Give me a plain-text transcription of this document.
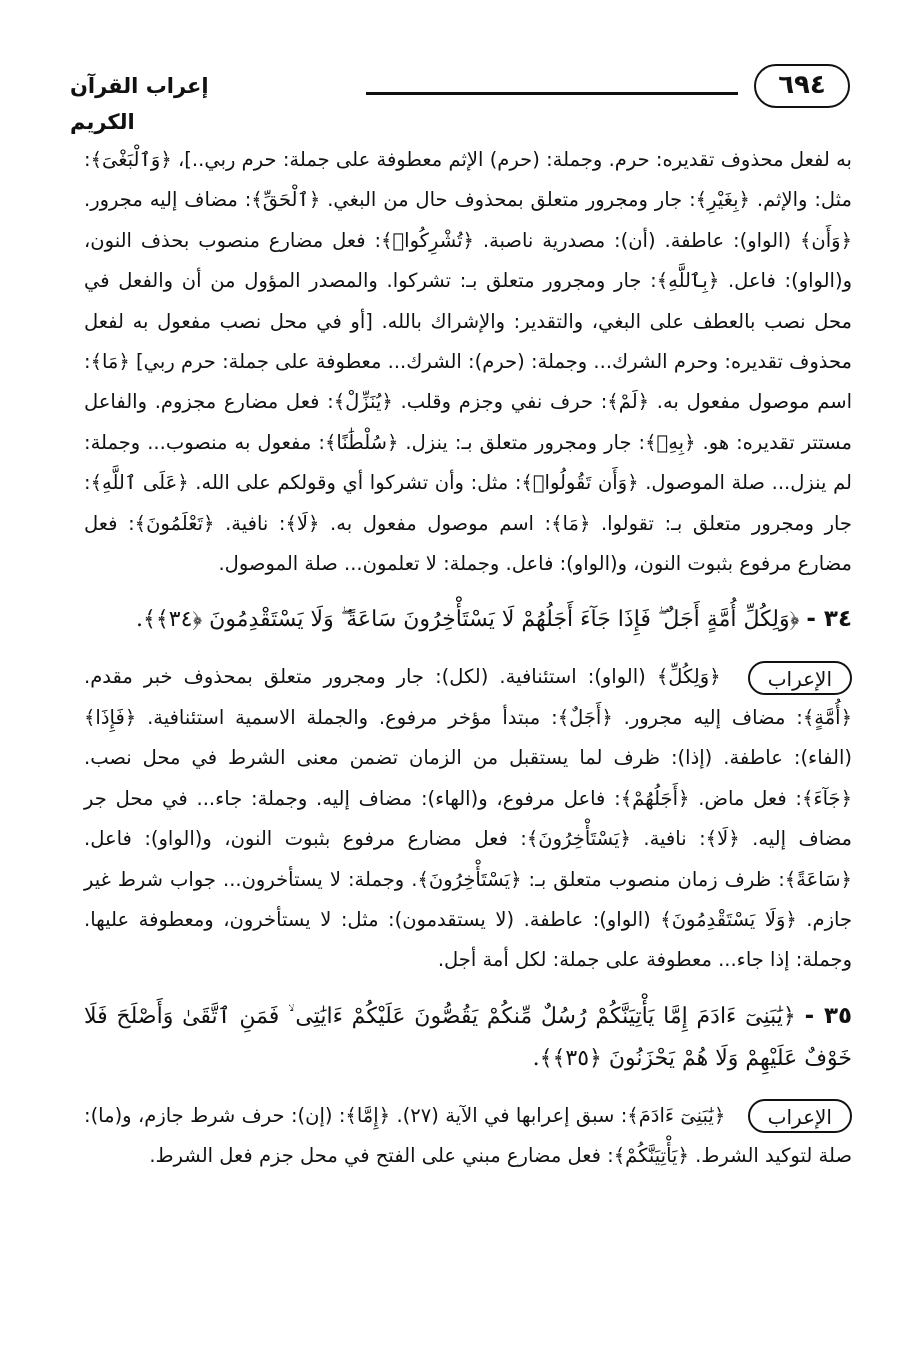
٦٩٤
إعراب القرآن الكريم

به لفعل محذوف تقديره: حرم. وجملة: (حرم) الإثم معطوفة على جملة: حرم ربي..]، ﴿وَٱلْبَغْىَ﴾: مثل: والإثم. ﴿بِغَيْرِ﴾: جار ومجرور متعلق بمحذوف حال من البغي. ﴿ٱلْحَقِّ﴾: مضاف إليه مجرور. ﴿وَأَن﴾ (الواو): عاطفة. (أن): مصدرية ناصبة. ﴿تُشْرِكُوا۟﴾: فعل مضارع منصوب بحذف النون، و(الواو): فاعل. ﴿بِٱللَّهِ﴾: جار ومجرور متعلق بـ: تشركوا. والمصدر المؤول من أن والفعل في محل نصب بالعطف على البغي، والتقدير: والإشراك بالله. [أو في محل نصب مفعول به لفعل محذوف تقديره: وحرم الشرك... وجملة: (حرم): الشرك... معطوفة على جملة: حرم ربي] ﴿مَا﴾: اسم موصول مفعول به. ﴿لَمْ﴾: حرف نفي وجزم وقلب. ﴿يُنَزِّلْ﴾: فعل مضارع مجزوم. والفاعل مستتر تقديره: هو. ﴿بِهِۦ﴾: جار ومجرور متعلق بـ: ينزل. ﴿سُلْطَٰنًا﴾: مفعول به منصوب... وجملة: لم ينزل... صلة الموصول. ﴿وَأَن تَقُولُوا۟﴾: مثل: وأن تشركوا أي وقولكم على الله. ﴿عَلَى ٱللَّهِ﴾: جار ومجرور متعلق بـ: تقولوا. ﴿مَا﴾: اسم موصول مفعول به. ﴿لَا﴾: نافية. ﴿تَعْلَمُونَ﴾: فعل مضارع مرفوع بثبوت النون، و(الواو): فاعل. وجملة: لا تعلمون... صلة الموصول.

٣٤ - ﴿وَلِكُلِّ أُمَّةٍ أَجَلٌ ۖ فَإِذَا جَآءَ أَجَلُهُمْ لَا يَسْتَأْخِرُونَ سَاعَةً ۖ وَلَا يَسْتَقْدِمُونَ ﴿٣٤﴾﴾.

الإعراب ﴿وَلِكُلِّ﴾ (الواو): استئنافية. (لكل): جار ومجرور متعلق بمحذوف خبر مقدم. ﴿أُمَّةٍ﴾: مضاف إليه مجرور. ﴿أَجَلٌ﴾: مبتدأ مؤخر مرفوع. والجملة الاسمية استئنافية. ﴿فَإِذَا﴾ (الفاء): عاطفة. (إذا): ظرف لما يستقبل من الزمان تضمن معنى الشرط في محل نصب. ﴿جَآءَ﴾: فعل ماض. ﴿أَجَلُهُمْ﴾: فاعل مرفوع، و(الهاء): مضاف إليه. وجملة: جاء... في محل جر مضاف إليه. ﴿لَا﴾: نافية. ﴿يَسْتَأْخِرُونَ﴾: فعل مضارع مرفوع بثبوت النون، و(الواو): فاعل. ﴿سَاعَةً﴾: ظرف زمان منصوب متعلق بـ: ﴿يَسْتَأْخِرُونَ﴾. وجملة: لا يستأخرون... جواب شرط غير جازم. ﴿وَلَا يَسْتَقْدِمُونَ﴾ (الواو): عاطفة. (لا يستقدمون): مثل: لا يستأخرون، ومعطوفة عليها. وجملة: إذا جاء... معطوفة على جملة: لكل أمة أجل.

٣٥ - ﴿يَٰبَنِىٓ ءَادَمَ إِمَّا يَأْتِيَنَّكُمْ رُسُلٌ مِّنكُمْ يَقُصُّونَ عَلَيْكُمْ ءَايَٰتِى ۙ فَمَنِ ٱتَّقَىٰ وَأَصْلَحَ فَلَا خَوْفٌ عَلَيْهِمْ وَلَا هُمْ يَحْزَنُونَ ﴿٣٥﴾﴾.

الإعراب ﴿يَٰبَنِىٓ ءَادَمَ﴾: سبق إعرابها في الآية (٢٧). ﴿إِمَّا﴾: (إن): حرف شرط جازم، و(ما): صلة لتوكيد الشرط. ﴿يَأْتِيَنَّكُمْ﴾: فعل مضارع مبني على الفتح في محل جزم فعل الشرط.
